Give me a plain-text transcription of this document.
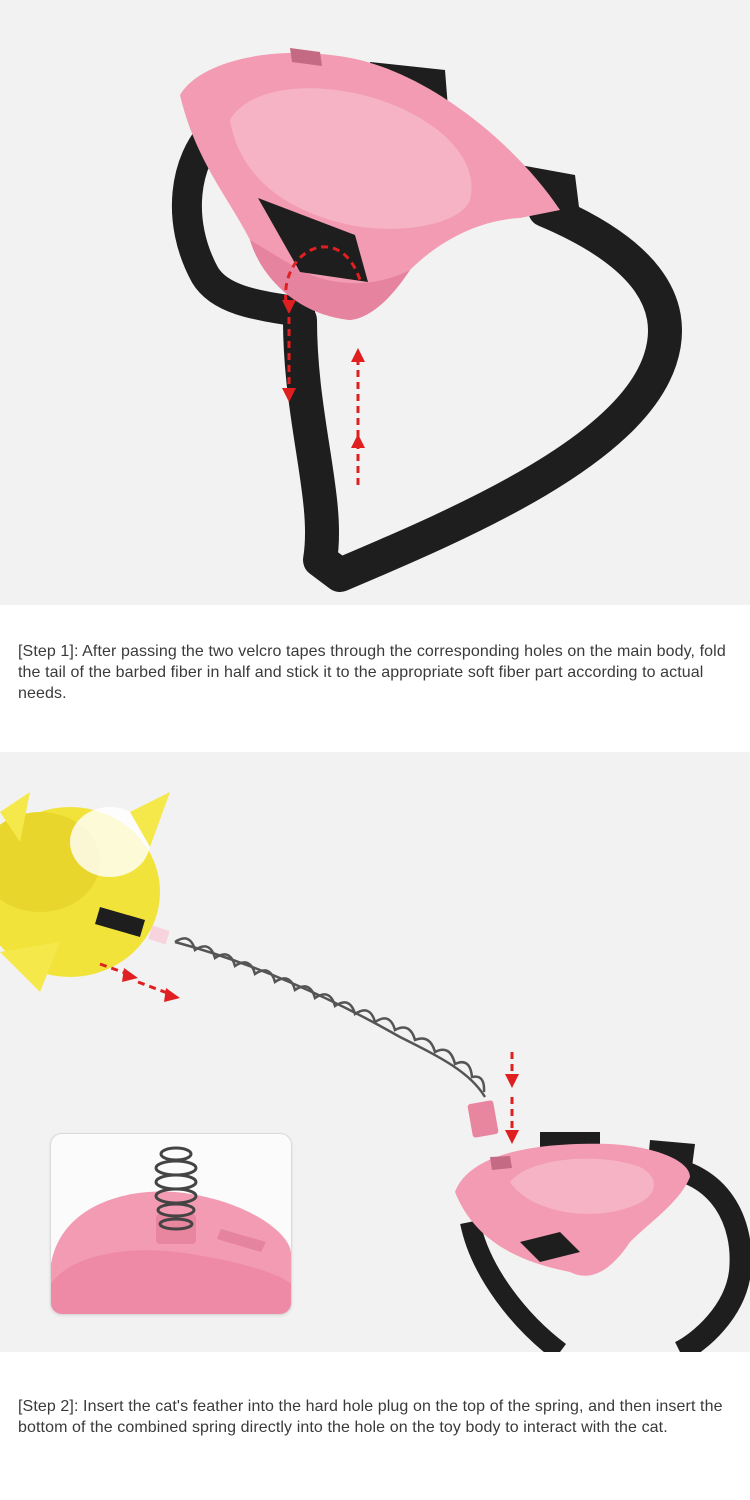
[Step 1]: After passing the two velcro tapes through the corresponding holes on the main body, fold the tail of the barbed fiber in half and stick it to the appropriate soft fiber part according to actual needs.
[Step 2]: Insert the cat's feather into the hard hole plug on the top of the spring, and then insert the bottom of the combined spring directly into the hole on the toy body to interact with the cat.
